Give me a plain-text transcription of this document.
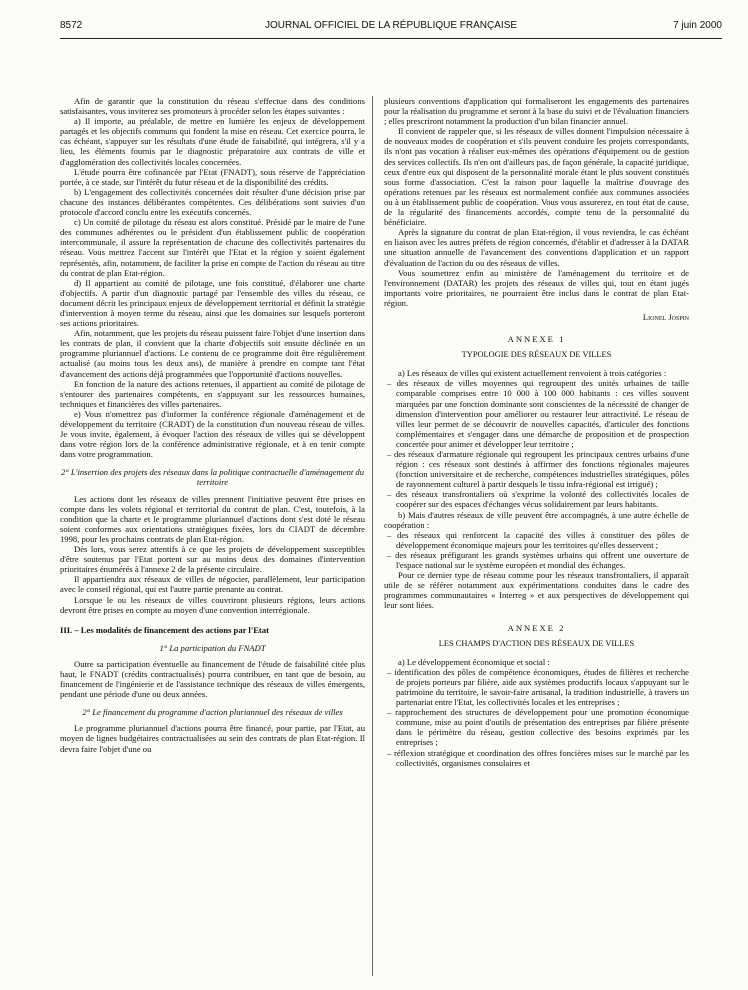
8572	JOURNAL OFFICIEL DE LA RÉPUBLIQUE FRANÇAISE	7 juin 2000

Afin de garantir que la constitution du réseau s'effectue dans des conditions satisfaisantes, vous inviterez ses promoteurs à procéder selon les étapes suivantes :

a) Il importe, au préalable, de mettre en lumière les enjeux de développement partagés et les objectifs communs qui fondent la mise en réseau. Cet exercice pourra, le cas échéant, s'appuyer sur les résultats d'une étude de faisabilité, qui intégrera, s'il y a lieu, les éléments fournis par le diagnostic préparatoire aux contrats de ville et d'agglomération des collectivités locales concernées.

L'étude pourra être cofinancée par l'Etat (FNADT), sous réserve de l'appréciation portée, à ce stade, sur l'intérêt du futur réseau et de la disponibilité des crédits.

b) L'engagement des collectivités concernées doit résulter d'une décision prise par chacune des instances délibérantes compétentes. Ces délibérations sont suivies d'un protocole d'accord conclu entre les exécutifs concernés.

c) Un comité de pilotage du réseau est alors constitué. Présidé par le maire de l'une des communes adhérentes ou le président d'un établissement public de coopération intercommunale, il assure la représentation de chacune des collectivités partenaires du réseau. Vous mettrez l'accent sur l'intérêt que l'Etat et la région y soient également représentés, afin, notamment, de faciliter la prise en compte de l'action du réseau au titre du contrat de plan Etat-région.

d) Il appartient au comité de pilotage, une fois constitué, d'élaborer une charte d'objectifs. A partir d'un diagnostic partagé par l'ensemble des villes du réseau, ce document décrit les principaux enjeux de développement territorial et définit la stratégie d'intervention à moyen terme du réseau, ainsi que les domaines sur lesquels porteront ses actions prioritaires.

Afin, notamment, que les projets du réseau puissent faire l'objet d'une insertion dans les contrats de plan, il convient que la charte d'objectifs soit ensuite déclinée en un programme pluriannuel d'actions. Le contenu de ce programme doit être régulièrement actualisé (au moins tous les deux ans), de manière à prendre en compte tant l'état d'avancement des actions déjà programmées que l'opportunité d'actions nouvelles.

En fonction de la nature des actions retenues, il appartient au comité de pilotage de s'entourer des partenaires compétents, en s'appuyant sur les ressources humaines, techniques et financières des villes partenaires.

e) Vous n'omettrez pas d'informer la conférence régionale d'aménagement et de développement du territoire (CRADT) de la constitution d'un nouveau réseau de villes. Je vous invite, également, à évoquer l'action des réseaux de villes qui se développent dans votre région lors de la conférence administrative régionale, et à en tenir compte dans votre programmation.

2° L'insertion des projets des réseaux dans la politique contractuelle d'aménagement du territoire

Les actions dont les réseaux de villes prennent l'initiative peuvent être prises en compte dans les volets régional et territorial du contrat de plan. C'est, toutefois, à la condition que la charte et le programme pluriannuel d'actions dont s'est doté le réseau soient conformes aux orientations stratégiques fixées, lors du CIADT de décembre 1998, pour les prochains contrats de plan Etat-région.

Dès lors, vous serez attentifs à ce que les projets de développement susceptibles d'être soutenus par l'Etat portent sur au moins deux des domaines d'intervention prioritaires énumérés à l'annexe 2 de la présente circulaire.

Il appartiendra aux réseaux de villes de négocier, parallèlement, leur participation avec le conseil régional, qui est l'autre partie prenante au contrat.

Lorsque le ou les réseaux de villes couvriront plusieurs régions, leurs actions devront être prises en compte au moyen d'une convention interrégionale.

III. – Les modalités de financement des actions par l'Etat

1° La participation du FNADT

Outre sa participation éventuelle au financement de l'étude de faisabilité citée plus haut, le FNADT (crédits contractualisés) pourra contribuer, en tant que de besoin, au financement de l'ingénierie et de l'assistance technique des réseaux de villes émergents, pendant une période d'une ou deux années.

2° Le financement du programme d'action pluriannuel des réseaux de villes

Le programme pluriannuel d'actions pourra être financé, pour partie, par l'Etat, au moyen de lignes budgétaires contractualisées au sein des contrats de plan Etat-région. Il devra faire l'objet d'une ou

plusieurs conventions d'application qui formaliseront les engagements des partenaires pour la réalisation du programme et seront à la base du suivi et de l'évaluation financiers ; elles prescriront notamment la production d'un bilan financier annuel.

Il convient de rappeler que, si les réseaux de villes donnent l'impulsion nécessaire à de nouveaux modes de coopération et s'ils peuvent conduire les projets correspondants, ils n'ont pas vocation à réaliser eux-mêmes des opérations d'équipement ou de gestion des services collectifs. Ils n'en ont d'ailleurs pas, de façon générale, la capacité juridique, ceux d'entre eux qui disposent de la personnalité morale étant le plus souvent constitués sous forme d'association. C'est la raison pour laquelle la maîtrise d'ouvrage des opérations retenues par les réseaux est normalement confiée aux communes associées ou à un établissement public de coopération. Vous vous assurerez, en tout état de cause, de la régularité des financements accordés, compte tenu de la personnalité du bénéficiaire.

Après la signature du contrat de plan Etat-région, il vous reviendra, le cas échéant en liaison avec les autres préfets de région concernés, d'établir et d'adresser à la DATAR une situation annuelle de l'avancement des conventions d'application et un rapport d'évaluation de l'action du ou des réseaux de villes.

Vous soumettrez enfin au ministère de l'aménagement du territoire et de l'environnement (DATAR) les projets des réseaux de villes qui, tout en étant jugés importants voire prioritaires, ne pourraient être inclus dans le contrat de plan Etat-région.

Lionel Jospin

ANNEXE 1

TYPOLOGIE DES RÉSEAUX DE VILLES

a) Les réseaux de villes qui existent actuellement renvoient à trois catégories :

– des réseaux de villes moyennes qui regroupent des unités urbaines de taille comparable comprises entre 10 000 à 100 000 habitants : ces villes souvent marquées par une fonction dominante sont conscientes de la nécessité de changer de dimension d'intervention pour améliorer ou restaurer leur attractivité. Le réseau de villes leur permet de se découvrir de nouvelles capacités, d'articuler des fonctions complémentaires et s'engager dans une démarche de proposition et de prospection concertée pour animer et développer leur territoire ;
– des réseaux d'armature régionale qui regroupent les principaux centres urbains d'une région : ces réseaux sont destinés à affirmer des fonctions régionales majeures (fonction universitaire et de recherche, compétences industrielles stratégiques, pôles de rayonnement culturel à partir desquels le tissu infra-régional est irrigué) ;
– des réseaux transfrontaliers où s'exprime la volonté des collectivités locales de coopérer sur des espaces d'échanges vécus solidairement par leurs habitants.

b) Mais d'autres réseaux de ville peuvent être accompagnés, à une autre échelle de coopération :

– des réseaux qui renforcent la capacité des villes à constituer des pôles de développement économique majeurs pour les territoires qu'elles desservent ;
– des réseaux préfigurant les grands systèmes urbains qui offrent une ouverture de l'espace national sur le système européen et mondial des échanges.

Pour ce dernier type de réseau comme pour les réseaux transfrontaliers, il apparaît utile de se référer notamment aux expérimentations conduites dans le cadre des programmes communautaires « Interreg » et aux perspectives de développement qui leur sont liées.

ANNEXE 2

LES CHAMPS D'ACTION DES RÉSEAUX DE VILLES

a) Le développement économique et social :

– identification des pôles de compétence économiques, études de filières et recherche de projets porteurs par filière, aide aux systèmes productifs locaux s'appuyant sur le patrimoine du territoire, le savoir-faire artisanal, la tradition industrielle, à travers un partenariat entre l'Etat, les collectivités locales et les entreprises ;
– rapprochement des structures de développement pour une promotion économique commune, mise au point d'outils de présentation des entreprises par filière présente dans le périmètre du réseau, gestion collective des besoins exprimés par les entreprises ;
– réflexion stratégique et coordination des offres foncières mises sur le marché par les collectivités, organismes consulaires et
